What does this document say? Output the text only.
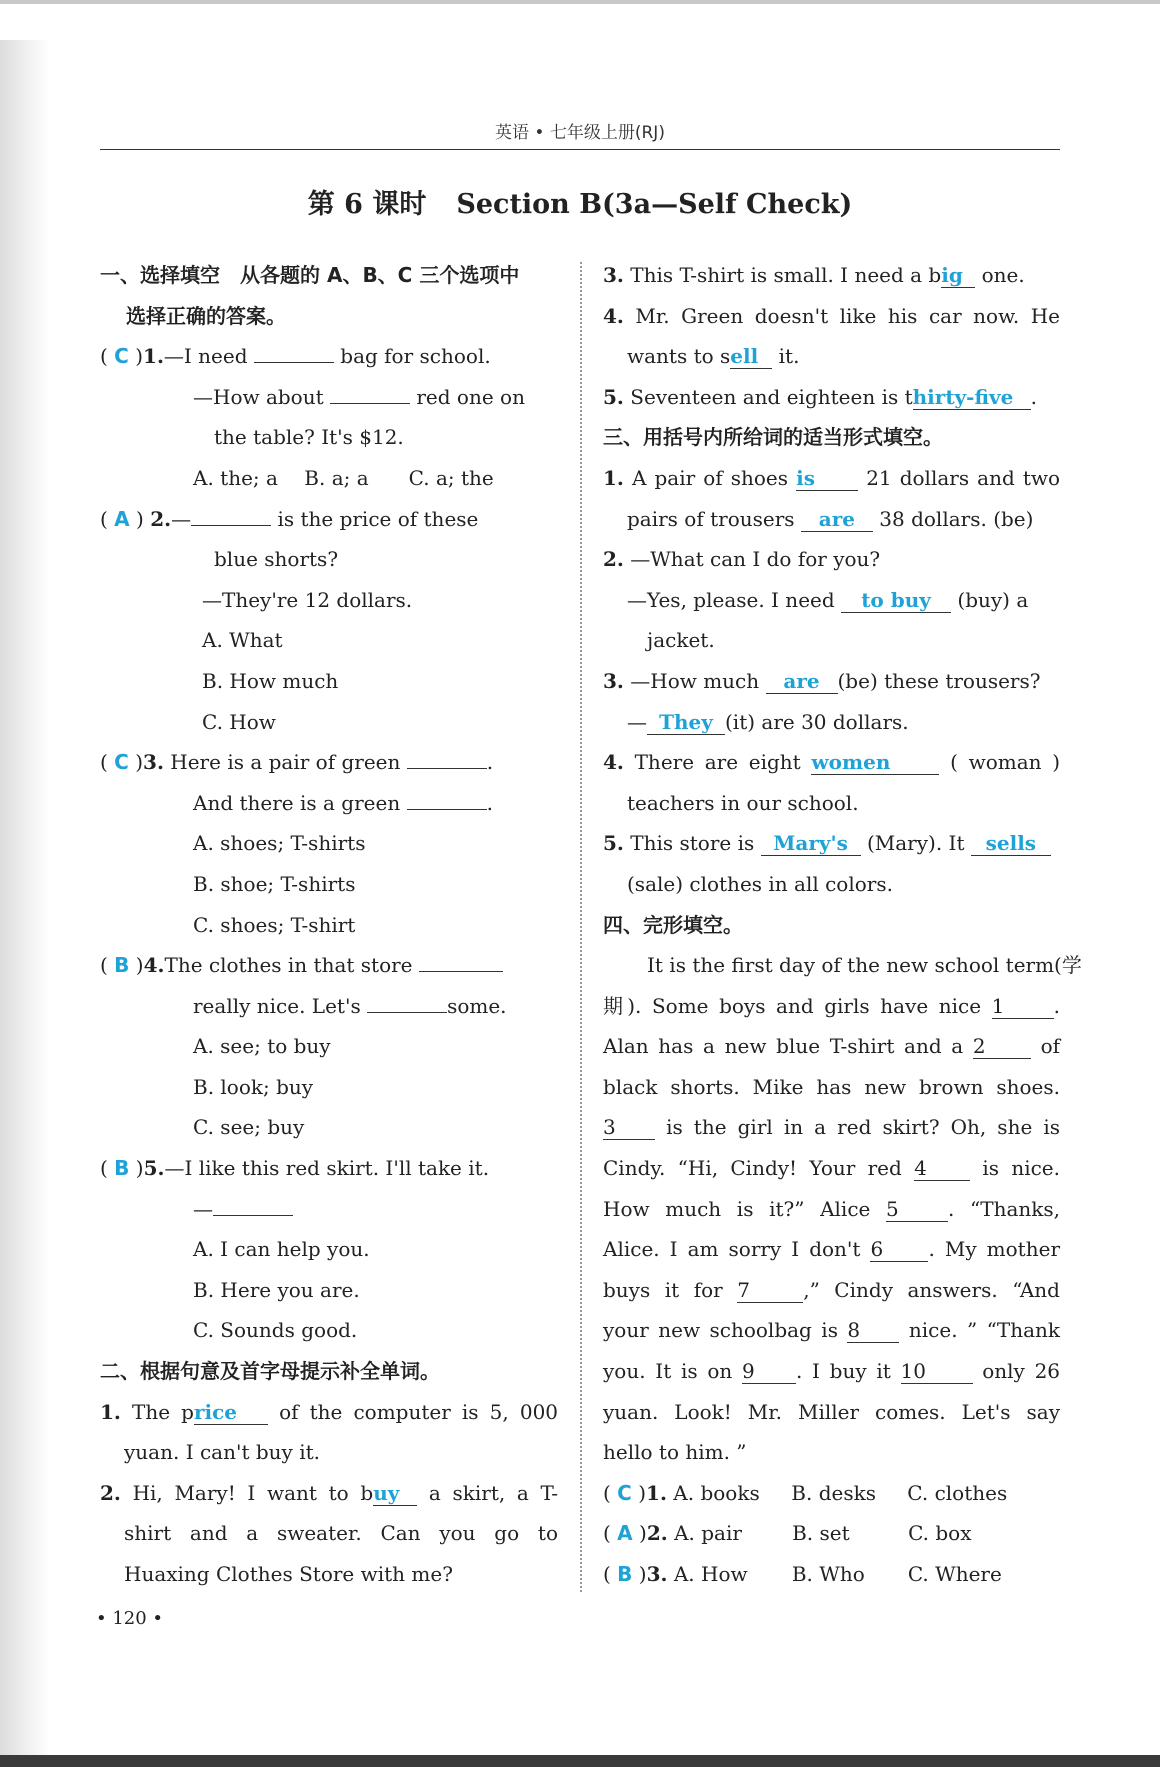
英语 • 七年级上册(RJ)
第 6 课时 Section B(3a—Self Check)
一、选择填空　从各题的 A、B、C 三个选项中
选择正确的答案。
( C )1.—I need	bag for school.
—How about	red one on
the table? It's $12.
A. the; a　 B. a; a　　C. a; the
( A ) 2.—	is the price of these
blue shorts?
—They're 12 dollars.
A. What
B. How much
C. How
( C )3. Here is a pair of green	.
And there is a green	.
A. shoes; T-shirts
B. shoe; T-shirts
C. shoes; T-shirt
( B )4.The clothes in that store
really nice. Let's	some.
A. see; to buy
B. look; buy
C. see; buy
( B )5.—I like this red skirt. I'll take it.
—
A. I can help you.
B. Here you are.
C. Sounds good.
二、根据句意及首字母提示补全单词。
1. The price of the computer is 5, 000
yuan. I can't buy it.
2. Hi, Mary! I want to buy a skirt, a T-
shirt and a sweater. Can you go to
Huaxing Clothes Store with me?
3. This T-shirt is small. I need a big one.
4. Mr. Green doesn't like his car now. He
wants to sell it.
5. Seventeen and eighteen is thirty-five .
三、用括号内所给词的适当形式填空。
1. A pair of shoes is	21 dollars and two
pairs of trousers are 38 dollars. (be)
2. —What can I do for you?
—Yes, please. I need to buy (buy) a
jacket.
3. —How much are (be) these trousers?
— They (it) are 30 dollars.
4. There are eight women	( woman )
teachers in our school.
5. This store is Mary's (Mary). It sells
(sale) clothes in all colors.
四、完形填空。
It is the first day of the new school term(学
期). Some boys and girls have nice 1 .
Alan has a new blue T-shirt and a 2	of
black shorts. Mike has new brown shoes.
3	is the girl in a red skirt? Oh, she is
Cindy. “Hi, Cindy! Your red 4	is nice.
How much is it?” Alice 5 . “Thanks,
Alice. I am sorry I don't 6 . My mother
buys it for 7	,” Cindy answers. “And
your new schoolbag is 8 nice. ” “Thank
you. It is on 9 . I buy it 10	only 26
yuan. Look! Mr. Miller comes. Let's say
hello to him. ”
( C )1. A. books B. desks C. clothes
( A )2. A. pair	B. set	C. box
( B )3. A. How B. Who C. Where
• 120 •
